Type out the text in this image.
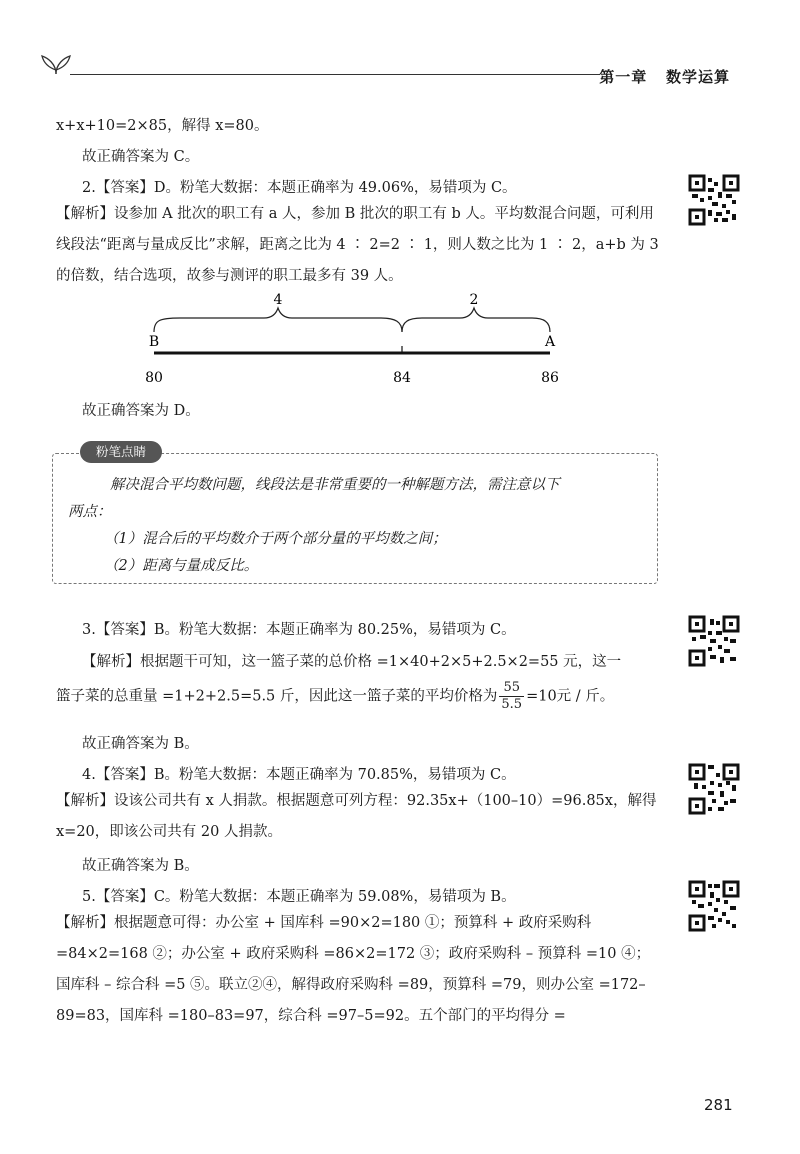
第一章 数学运算
x+x+10=2×85，解得 x=80。
故正确答案为 C。
2.【答案】D。粉笔大数据：本题正确率为 49.06%，易错项为 C。
【解析】设参加 A 批次的职工有 a 人，参加 B 批次的职工有 b 人。平均数混合问题，可利用线段法“距离与量成反比”求解，距离之比为 4 ∶ 2=2 ∶ 1，则人数之比为 1 ∶ 2，a+b 为 3 的倍数，结合选项，故参与测评的职工最多有 39 人。
4	2
B	A
80	84	86
故正确答案为 D。
粉笔点睛
解决混合平均数问题，线段法是非常重要的一种解题方法，需注意以下
两点：
（1）混合后的平均数介于两个部分量的平均数之间；
（2）距离与量成反比。
3.【答案】B。粉笔大数据：本题正确率为 80.25%，易错项为 C。
【解析】根据题干可知，这一篮子菜的总价格 =1×40+2×5+2.5×2=55 元，这一
篮子菜的总重量 =1+2+2.5=5.5 斤，因此这一篮子菜的平均价格为 $\frac{55}{5.5} =10$元 / 斤。
故正确答案为 B。
4.【答案】B。粉笔大数据：本题正确率为 70.85%，易错项为 C。
【解析】设该公司共有 x 人捐款。根据题意可列方程：92.35x+（100–10）=96.85x，解得 x=20，即该公司共有 20 人捐款。
故正确答案为 B。
5.【答案】C。粉笔大数据：本题正确率为 59.08%，易错项为 B。
【解析】根据题意可得：办公室 + 国库科 =90×2=180 ①；预算科 + 政府采购科 =84×2=168 ②；办公室 + 政府采购科 =86×2=172 ③；政府采购科 – 预算科 =10 ④；国库科 – 综合科 =5 ⑤。联立②④，解得政府采购科 =89，预算科 =79，则办公室 =172–89=83，国库科 =180–83=97，综合科 =97–5=92。五个部门的平均得分 =
281
